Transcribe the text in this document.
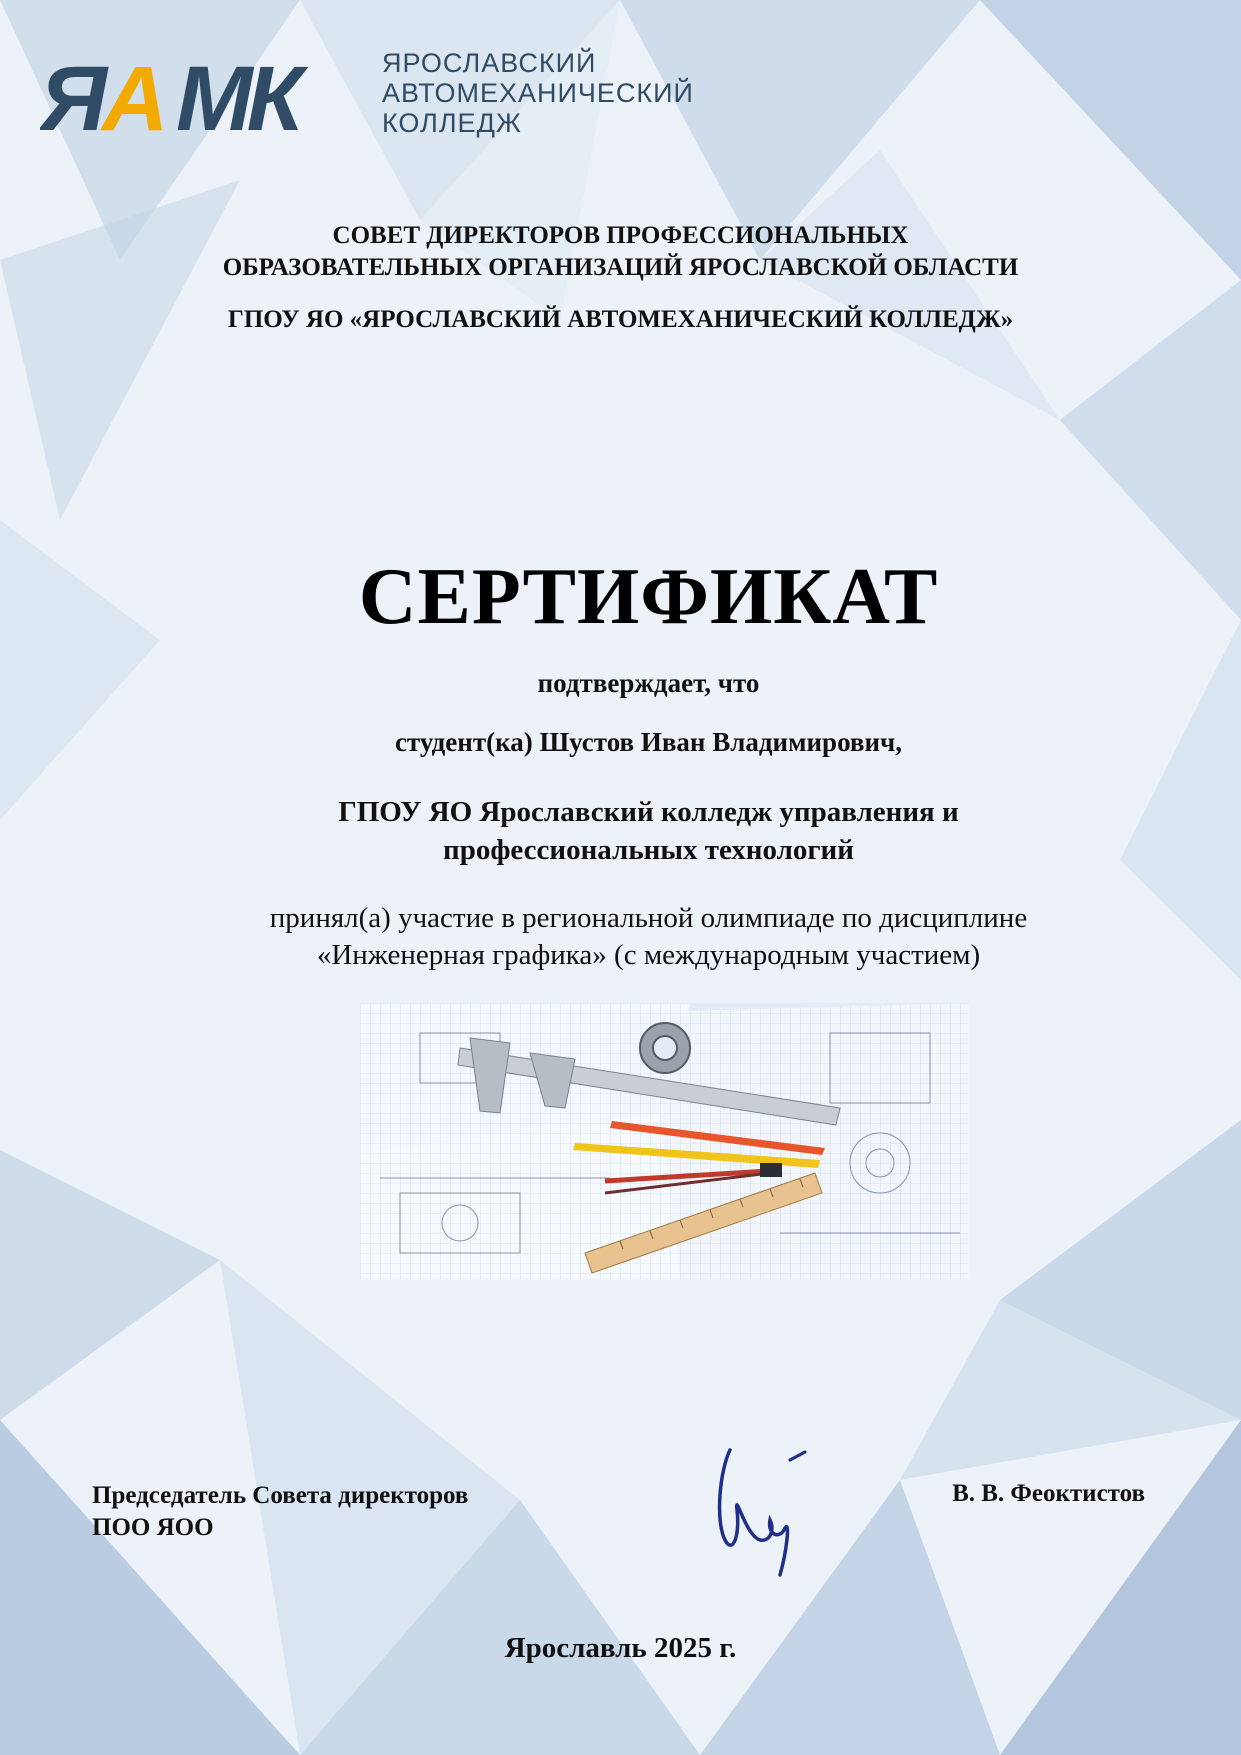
Я А МК	ЯРОСЛАВСКИЙ
АВТОМЕХАНИЧЕСКИЙ
КОЛЛЕДЖ
СОВЕТ ДИРЕКТОРОВ ПРОФЕССИОНАЛЬНЫХ
ОБРАЗОВАТЕЛЬНЫХ ОРГАНИЗАЦИЙ ЯРОСЛАВСКОЙ ОБЛАСТИ
ГПОУ ЯО «ЯРОСЛАВСКИЙ АВТОМЕХАНИЧЕСКИЙ КОЛЛЕДЖ»
СЕРТИФИКАТ
подтверждает, что
студент(ка) Шустов Иван Владимирович,
ГПОУ ЯО Ярославский колледж управления и
профессиональных технологий
принял(а) участие в региональной олимпиаде по дисциплине
«Инженерная графика» (с международным участием)
Председатель Совета директоров
ПОО ЯОО
В. В. Феоктистов
Ярославль 2025 г.
